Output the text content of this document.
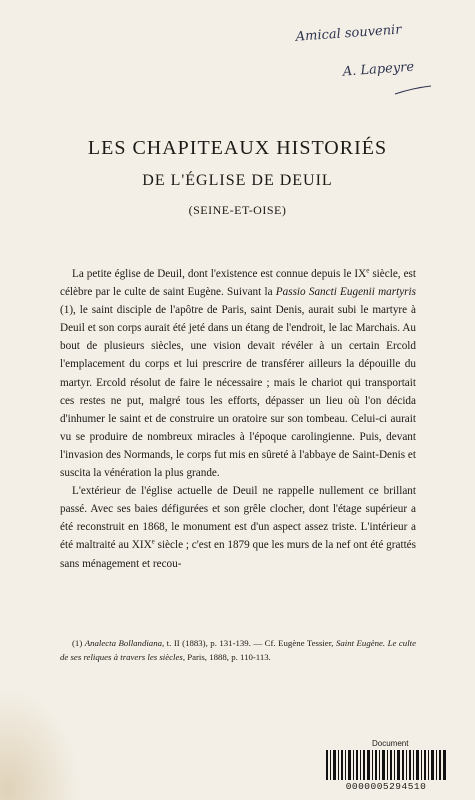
Amical souvenir
A. Lapeyre
LES CHAPITEAUX HISTORIÉS
DE L'ÉGLISE DE DEUIL
(SEINE-ET-OISE)

La petite église de Deuil, dont l'existence est connue depuis le IXe siècle, est célèbre par le culte de saint Eugène. Suivant la Passio Sancti Eugenii martyris (1), le saint disciple de l'apôtre de Paris, saint Denis, aurait subi le martyre à Deuil et son corps aurait été jeté dans un étang de l'endroit, le lac Marchais. Au bout de plusieurs siècles, une vision devait révéler à un certain Ercold l'emplacement du corps et lui prescrire de transférer ailleurs la dépouille du martyr. Ercold résolut de faire le nécessaire ; mais le chariot qui transportait ces restes ne put, malgré tous les efforts, dépasser un lieu où l'on décida d'inhumer le saint et de construire un oratoire sur son tombeau. Celui-ci aurait vu se produire de nombreux miracles à l'époque carolingienne. Puis, devant l'invasion des Normands, le corps fut mis en sûreté à l'abbaye de Saint-Denis et suscita la vénération la plus grande.

L'extérieur de l'église actuelle de Deuil ne rappelle nullement ce brillant passé. Avec ses baies défigurées et son grêle clocher, dont l'étage supérieur a été reconstruit en 1868, le monument est d'un aspect assez triste. L'intérieur a été maltraité au XIXe siècle ; c'est en 1879 que les murs de la nef ont été grattés sans ménagement et recou-

(1) Analecta Bollandiana, t. II (1883), p. 131-139. — Cf. Eugène Tessier, Saint Eugène. Le culte de ses reliques à travers les siècles, Paris, 1888, p. 110-113.

Document
0000005294510
